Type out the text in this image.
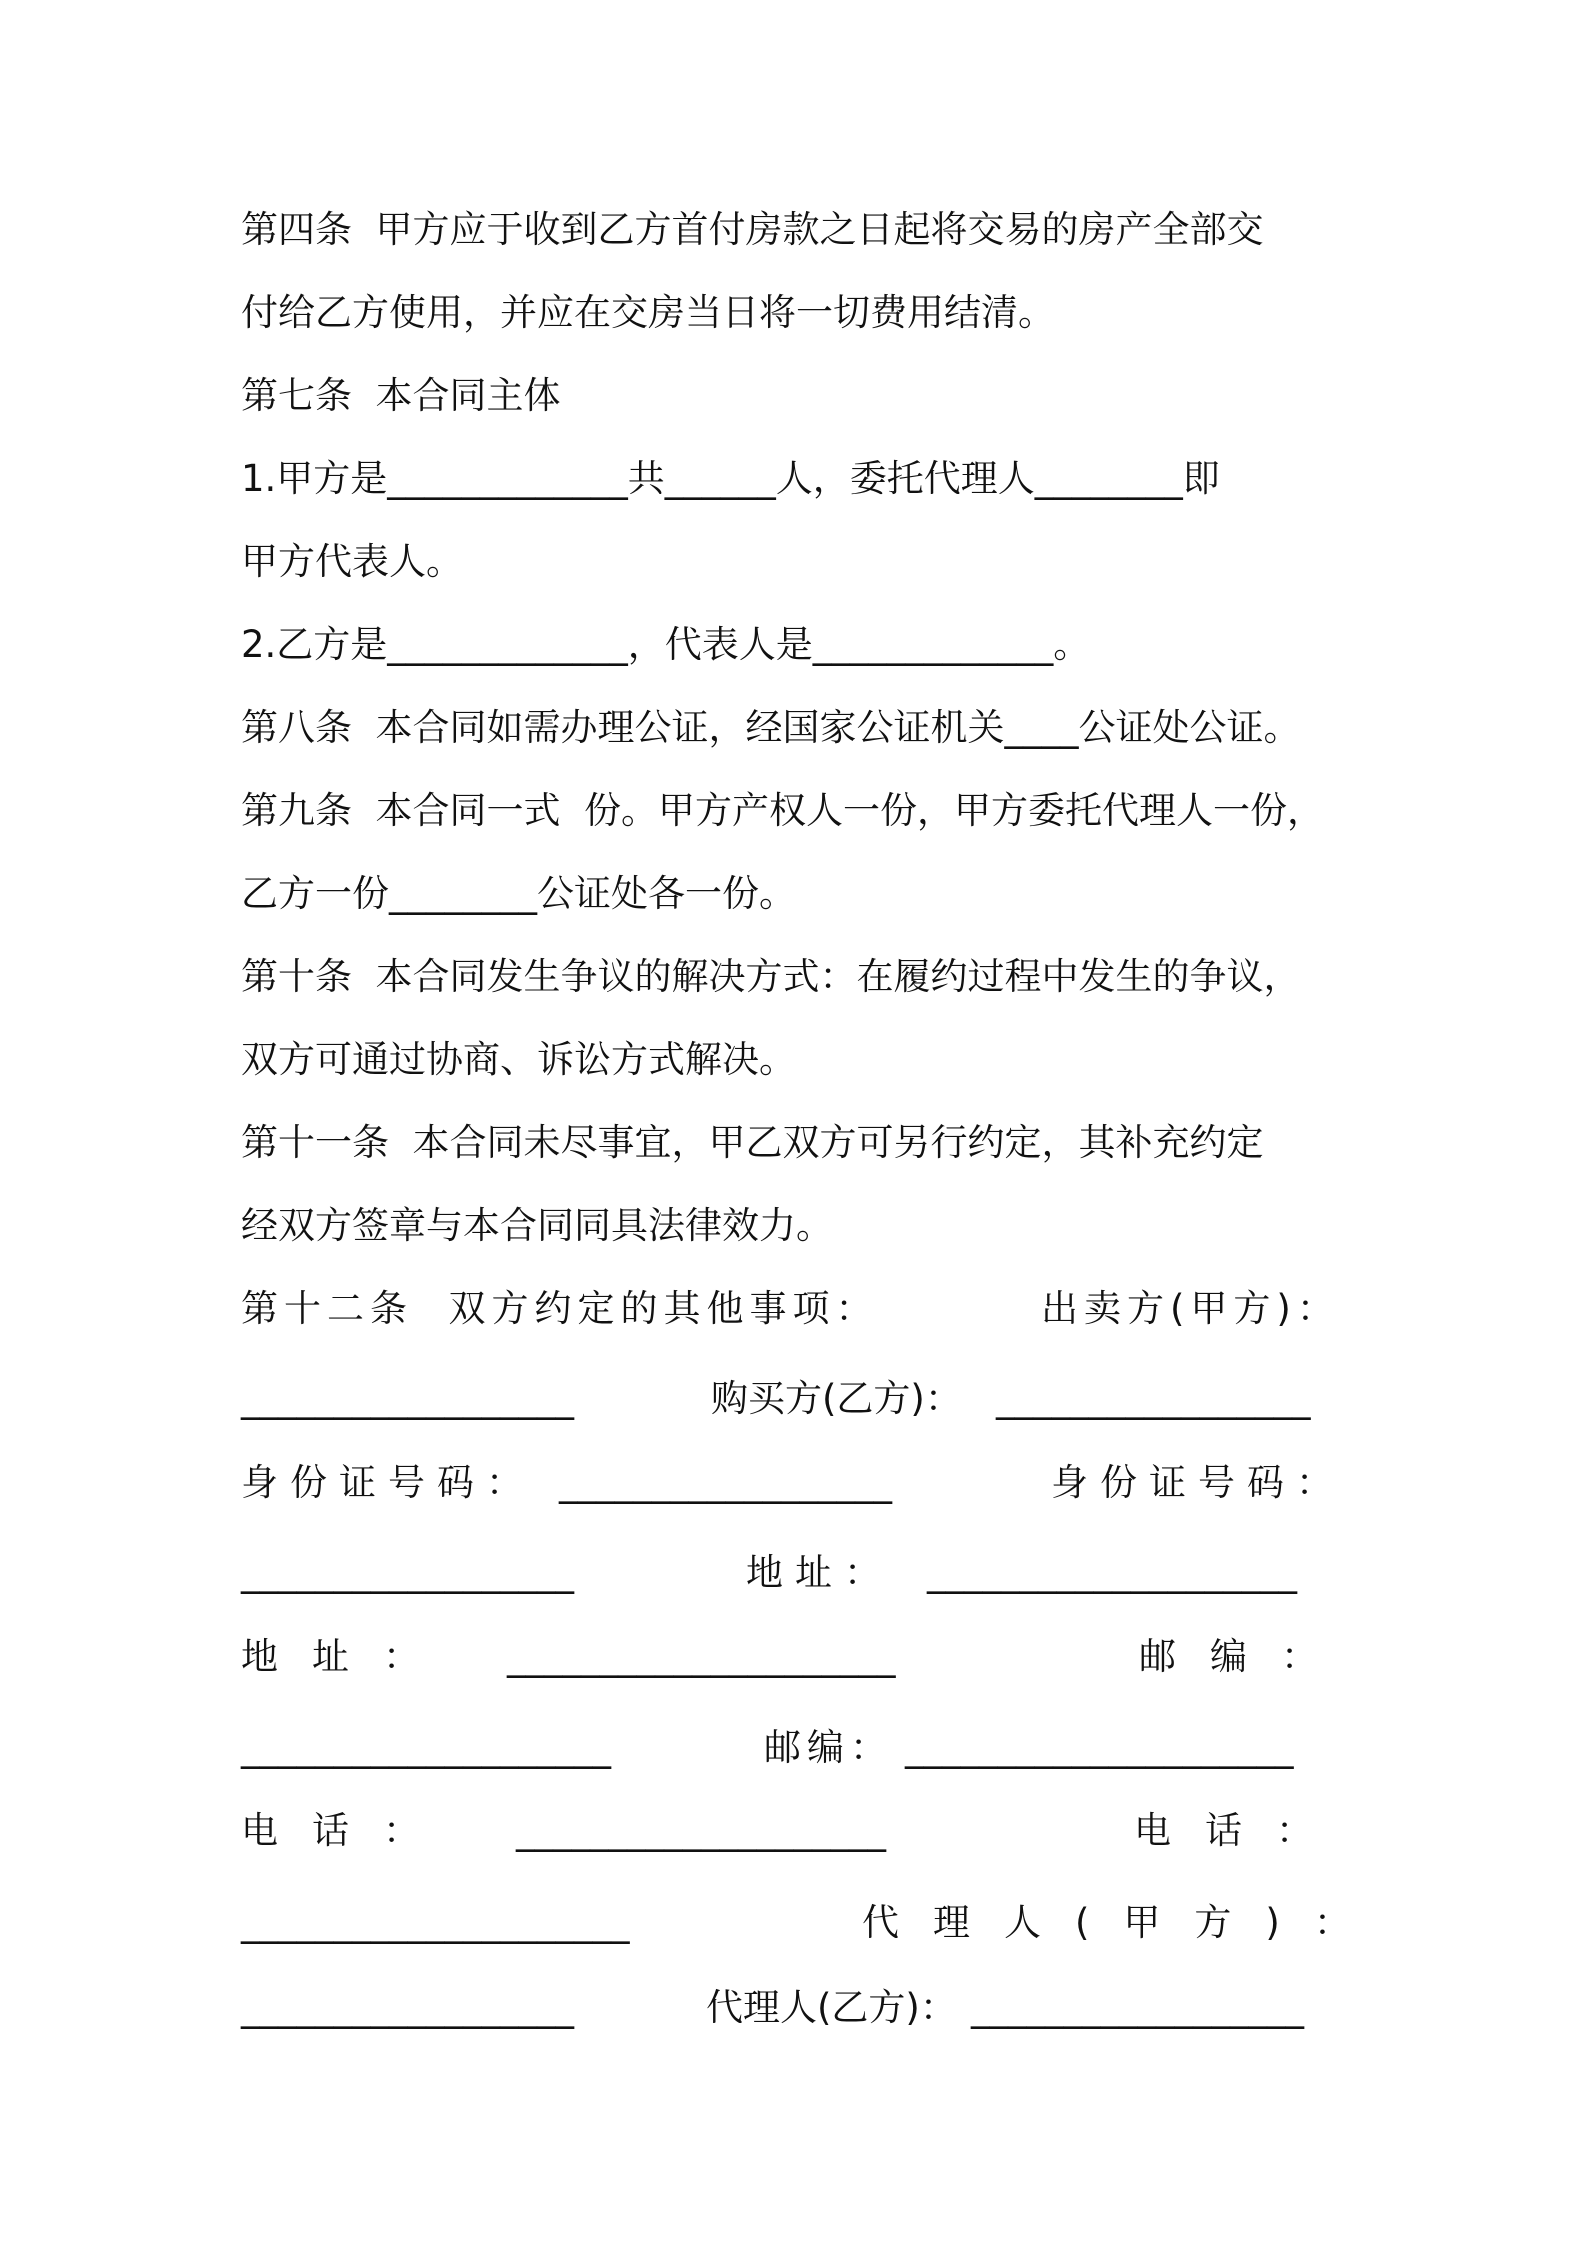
第四条  甲方应于收到乙方首付房款之日起将交易的房产全部交
付给乙方使用，并应在交房当日将一切费用结清。
第七条  本合同主体
1.甲方是_____________共______人，委托代理人________即
甲方代表人。
2.乙方是_____________，代表人是_____________。
第八条  本合同如需办理公证，经国家公证机关____公证处公证。
第九条  本合同一式  份。甲方产权人一份，甲方委托代理人一份，
乙方一份________公证处各一份。
第十条  本合同发生争议的解决方式：在履约过程中发生的争议，
双方可通过协商、诉讼方式解决。
第十一条  本合同未尽事宜，甲乙双方可另行约定，其补充约定
经双方签章与本合同同具法律效力。

第十二条  双方约定的其他事项：

	出卖方(甲方)：

__________________

	购买方(乙方)：

_________________

身份证号码：

__________________

	身份证号码：

__________________

	地址：

____________________

地址：

_____________________

	邮编：

____________________

	邮编：

_____________________

电话：

____________________

	电话：

_____________________

	代理人(甲方)：

__________________

	代理人(乙方)：

__________________
